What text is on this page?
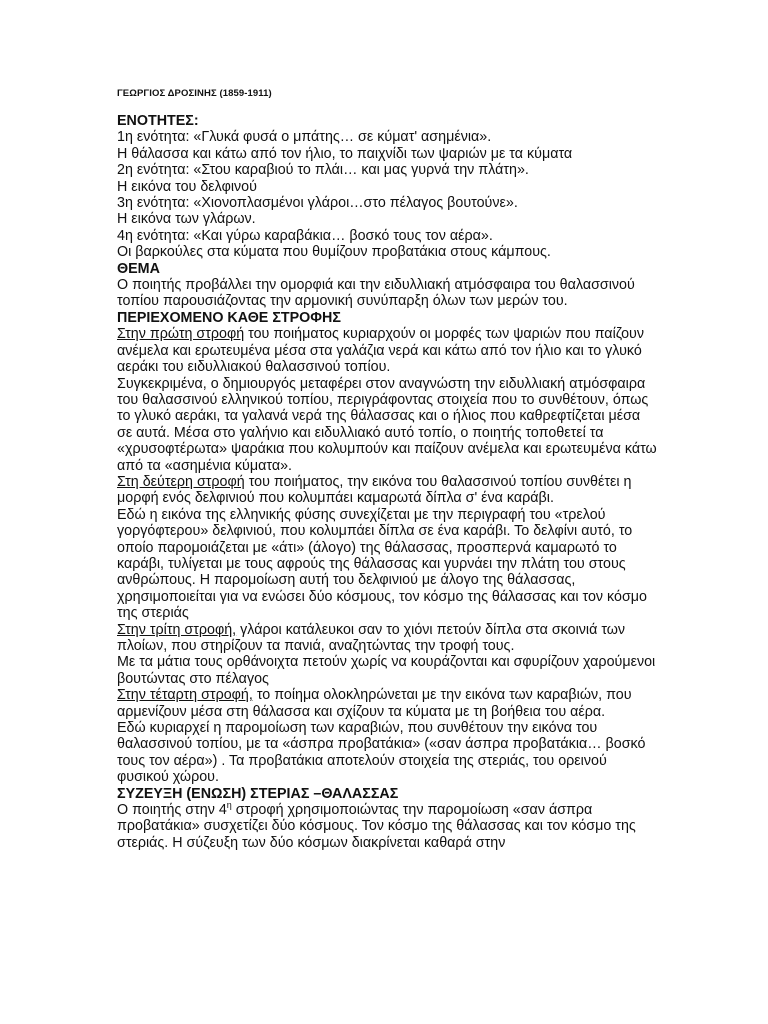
ΓΕΩΡΓΙΟΣ ΔΡΟΣΙΝΗΣ (1859-1911)

ΕΝΟΤΗΤΕΣ:

1η ενότητα: «Γλυκά φυσά ο μπάτης… σε κύματ' ασημένια».

Η θάλασσα και κάτω από τον ήλιο, το παιχνίδι των ψαριών με τα κύματα

2η ενότητα: «Στου καραβιού το πλάι… και μας γυρνά την πλάτη».

Η εικόνα του δελφινού

3η ενότητα: «Χιονοπλασμένοι γλάροι…στο πέλαγος βουτούνε».

Η εικόνα των γλάρων.

4η ενότητα: «Και γύρω καραβάκια… βοσκό τους τον αέρα».

Οι βαρκούλες στα κύματα που θυμίζουν προβατάκια στους κάμπους.

ΘΕΜΑ

Ο ποιητής προβάλλει την ομορφιά και την ειδυλλιακή ατμόσφαιρα του θαλασσινού τοπίου παρουσιάζοντας την αρμονική συνύπαρξη όλων των μερών του.

ΠΕΡΙΕΧΟΜΕΝΟ ΚΑΘΕ ΣΤΡΟΦΗΣ

Στην πρώτη στροφή του ποιήματος κυριαρχούν οι μορφές των ψαριών που παίζουν ανέμελα και ερωτευμένα μέσα στα γαλάζια νερά και κάτω από τον ήλιο και το γλυκό αεράκι του ειδυλλιακού θαλασσινού τοπίου.

Συγκεκριμένα, ο δημιουργός μεταφέρει στον αναγνώστη την ειδυλλιακή ατμόσφαιρα του θαλασσινού ελληνικού τοπίου, περιγράφοντας στοιχεία που το συνθέτουν, όπως το γλυκό αεράκι, τα γαλανά νερά της θάλασσας και ο ήλιος που καθρεφτίζεται μέσα σε αυτά. Μέσα στο γαλήνιο και ειδυλλιακό αυτό τοπίο, ο ποιητής τοποθετεί τα «χρυσοφτέρωτα» ψαράκια που κολυμπούν και παίζουν ανέμελα και ερωτευμένα κάτω από τα «ασημένια κύματα».

Στη δεύτερη στροφή του ποιήματος, την εικόνα του θαλασσινού τοπίου συνθέτει η μορφή ενός δελφινιού που κολυμπάει καμαρωτά δίπλα σ' ένα καράβι.

Εδώ η εικόνα της ελληνικής φύσης συνεχίζεται με την περιγραφή του «τρελού γοργόφτερου» δελφινιού, που κολυμπάει δίπλα σε ένα καράβι. Το δελφίνι αυτό, το οποίο παρομοιάζεται με «άτι» (άλογο) της θάλασσας, προσπερνά καμαρωτό το καράβι, τυλίγεται με τους αφρούς της θάλασσας και γυρνάει την πλάτη του στους ανθρώπους. Η παρομοίωση αυτή του δελφινιού με άλογο της θάλασσας, χρησιμοποιείται για να ενώσει δύο κόσμους, τον κόσμο της θάλασσας και τον κόσμο της στεριάς

Στην τρίτη στροφή, γλάροι κατάλευκοι σαν το χιόνι πετούν δίπλα στα σκοινιά των πλοίων, που στηρίζουν τα πανιά, αναζητώντας την τροφή τους.

Με τα μάτια τους ορθάνοιχτα πετούν χωρίς να κουράζονται και σφυρίζουν χαρούμενοι βουτώντας στο πέλαγος

Στην τέταρτη στροφή, το ποίημα ολοκληρώνεται με την εικόνα των καραβιών, που αρμενίζουν μέσα στη θάλασσα και σχίζουν τα κύματα με τη βοήθεια του αέρα.

Εδώ κυριαρχεί η παρομοίωση των καραβιών, που συνθέτουν την εικόνα του θαλασσινού τοπίου, με τα «άσπρα προβατάκια» («σαν άσπρα προβατάκια… βοσκό τους τον αέρα») . Τα προβατάκια αποτελούν στοιχεία της στεριάς, του ορεινού φυσικού χώρου.

ΣΥΖΕΥΞΗ (ΕΝΩΣΗ) ΣΤΕΡΙΑΣ –ΘΑΛΑΣΣΑΣ

Ο ποιητής στην $4^\eta$ στροφή χρησιμοποιώντας την παρομοίωση «σαν άσπρα προβατάκια» συσχετίζει δύο κόσμους. Τον κόσμο της θάλασσας και τον κόσμο της στεριάς. Η σύζευξη των δύο κόσμων διακρίνεται καθαρά στην
